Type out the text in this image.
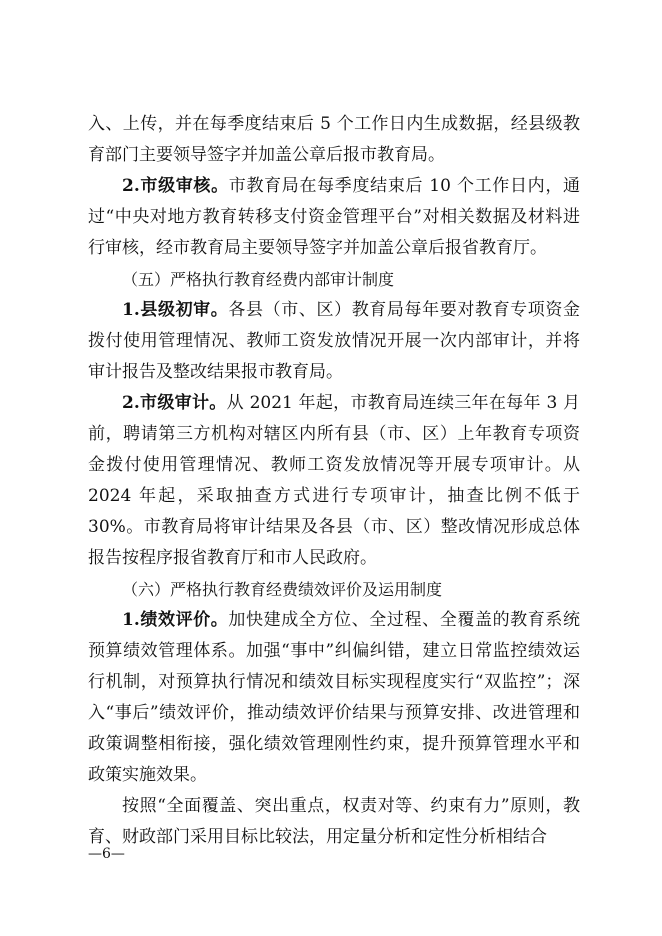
入、上传，并在每季度结束后 5 个工作日内生成数据，经县级教育部门主要领导签字并加盖公章后报市教育局。

2.市级审核。市教育局在每季度结束后 10 个工作日内，通过“中央对地方教育转移支付资金管理平台”对相关数据及材料进行审核，经市教育局主要领导签字并加盖公章后报省教育厅。

（五）严格执行教育经费内部审计制度

1.县级初审。各县（市、区）教育局每年要对教育专项资金拨付使用管理情况、教师工资发放情况开展一次内部审计，并将审计报告及整改结果报市教育局。

2.市级审计。从 2021 年起，市教育局连续三年在每年 3 月前，聘请第三方机构对辖区内所有县（市、区）上年教育专项资金拨付使用管理情况、教师工资发放情况等开展专项审计。从 2024 年起，采取抽查方式进行专项审计，抽查比例不低于 30%。市教育局将审计结果及各县（市、区）整改情况形成总体报告按程序报省教育厅和市人民政府。

（六）严格执行教育经费绩效评价及运用制度

1.绩效评价。加快建成全方位、全过程、全覆盖的教育系统预算绩效管理体系。加强“事中”纠偏纠错，建立日常监控绩效运行机制，对预算执行情况和绩效目标实现程度实行“双监控”；深入“事后”绩效评价，推动绩效评价结果与预算安排、改进管理和政策调整相衔接，强化绩效管理刚性约束，提升预算管理水平和政策实施效果。

按照“全面覆盖、突出重点，权责对等、约束有力”原则，教育、财政部门采用目标比较法，用定量分析和定性分析相结合

—6—
